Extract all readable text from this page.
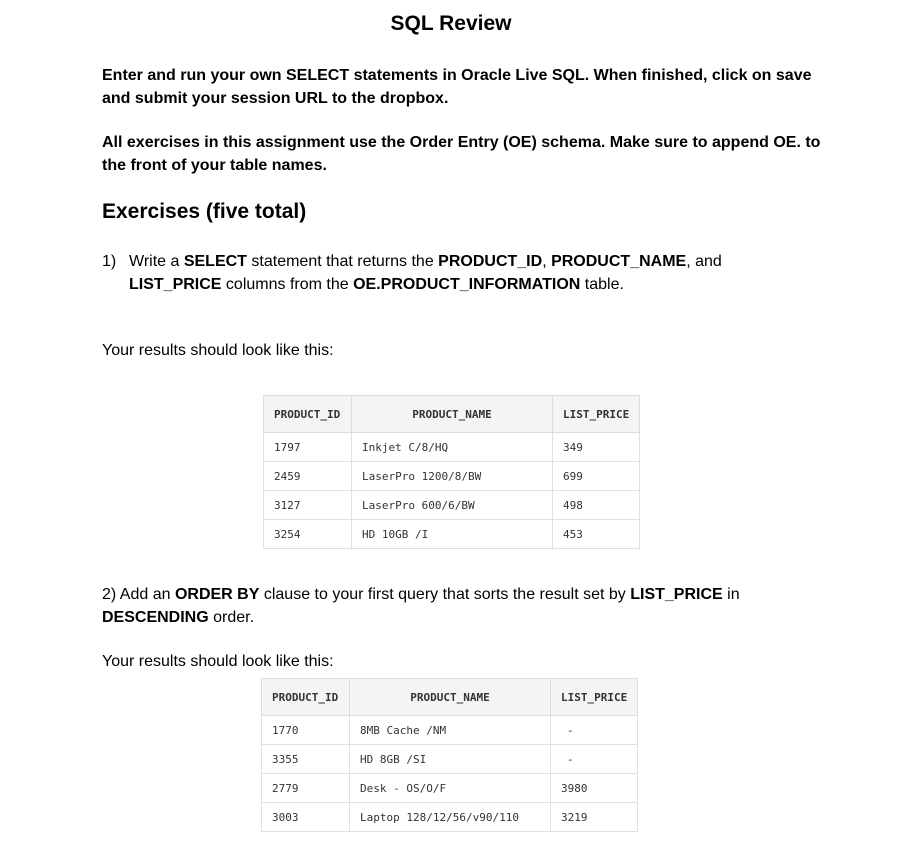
SQL Review

Enter and run your own SELECT statements in Oracle Live SQL. When finished, click on save and submit your session URL to the dropbox.

All exercises in this assignment use the Order Entry (OE) schema. Make sure to append OE. to the front of your table names.

Exercises (five total)
1) Write a SELECT statement that returns the PRODUCT_ID, PRODUCT_NAME, and LIST_PRICE columns from the OE.PRODUCT_INFORMATION table.
Your results should look like this:
PRODUCT_ID	PRODUCT_NAME	LIST_PRICE
1797	Inkjet C/8/HQ	349
2459	LaserPro 1200/8/BW	699
3127	LaserPro 600/6/BW	498
3254	HD 10GB /I	453
2) Add an ORDER BY clause to your first query that sorts the result set by LIST_PRICE in DESCENDING order.
Your results should look like this:
PRODUCT_ID	PRODUCT_NAME	LIST_PRICE
1770	8MB Cache /NM	-
3355	HD 8GB /SI	-
2779	Desk - OS/O/F	3980
3003	Laptop 128/12/56/v90/110	3219
